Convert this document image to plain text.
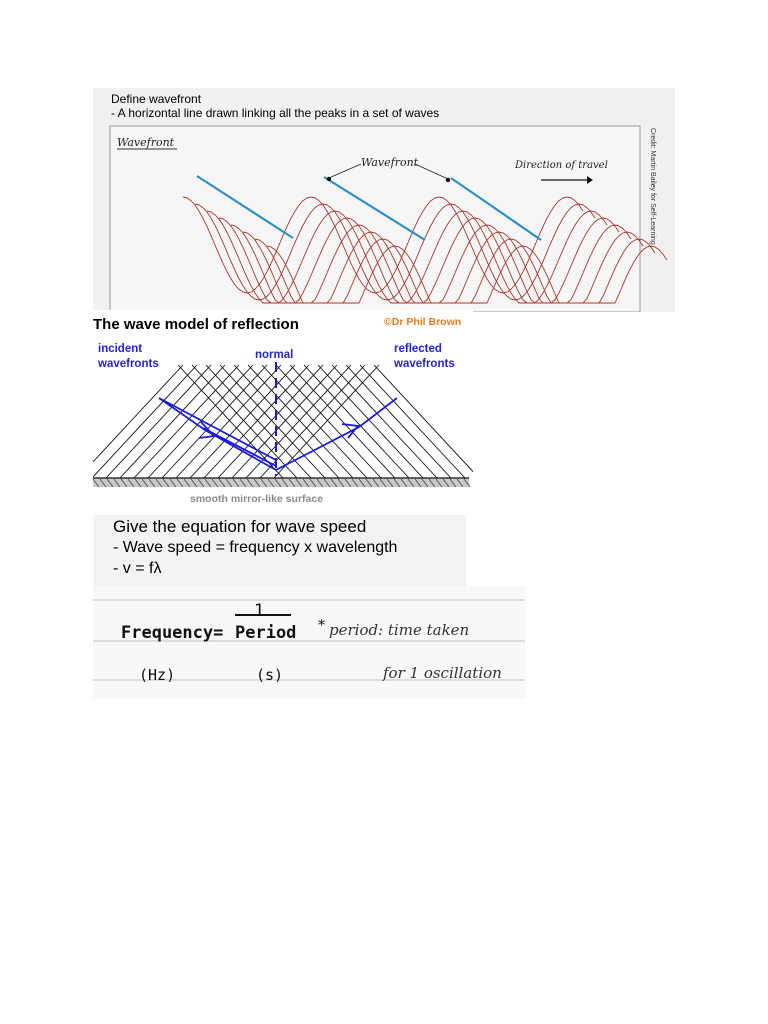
Wavefront
Wavefront	Direction of travel	Credit: Martin Bailey for Self-Learning
Define wavefront
- A horizontal line drawn linking all the peaks in a set of waves
The wave model of reflection	©Dr Phil Brown
incident
wavefronts
normal	reflected
wavefronts
smooth mirror-like surface
Give the equation for wave speed
- Wave speed = frequency x wavelength
- v = fλ
1
Frequency= Period * period: time taken
(Hz)	(s)	for 1 oscillation
